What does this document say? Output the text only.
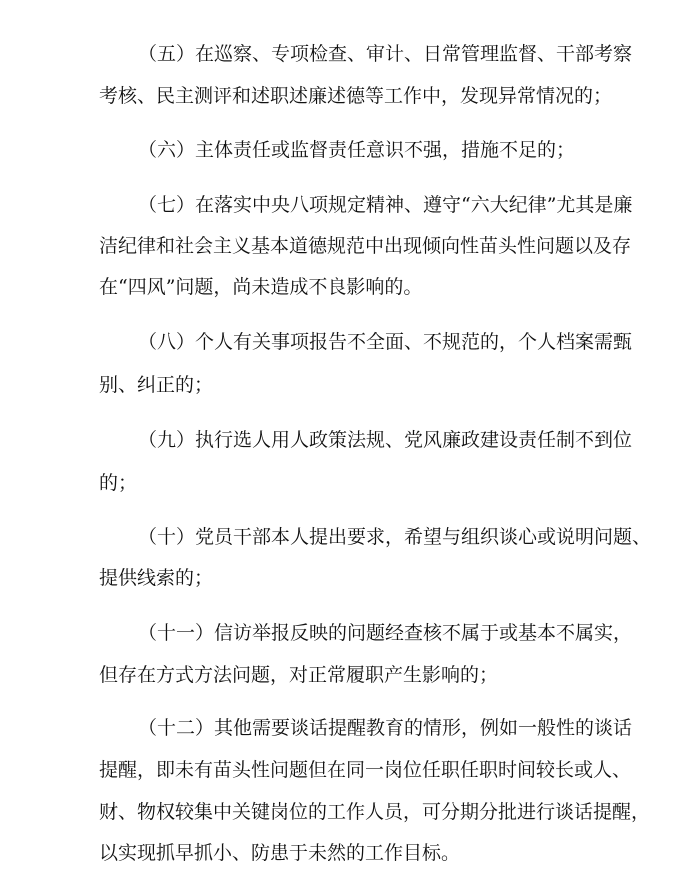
（五）在巡察、专项检查、审计、日常管理监督、干部考察
考核、民主测评和述职述廉述德等工作中，发现异常情况的；
（六）主体责任或监督责任意识不强，措施不足的；
（七）在落实中央八项规定精神、遵守“六大纪律”尤其是廉
洁纪律和社会主义基本道德规范中出现倾向性苗头性问题以及存
在“四风”问题，尚未造成不良影响的。
（八）个人有关事项报告不全面、不规范的，个人档案需甄
别、纠正的；
（九）执行选人用人政策法规、党风廉政建设责任制不到位
的；
（十）党员干部本人提出要求，希望与组织谈心或说明问题、
提供线索的；
（十一）信访举报反映的问题经查核不属于或基本不属实，
但存在方式方法问题，对正常履职产生影响的；
（十二）其他需要谈话提醒教育的情形，例如一般性的谈话
提醒，即未有苗头性问题但在同一岗位任职任职时间较长或人、
财、物权较集中关键岗位的工作人员，可分期分批进行谈话提醒，
以实现抓早抓小、防患于未然的工作目标。
